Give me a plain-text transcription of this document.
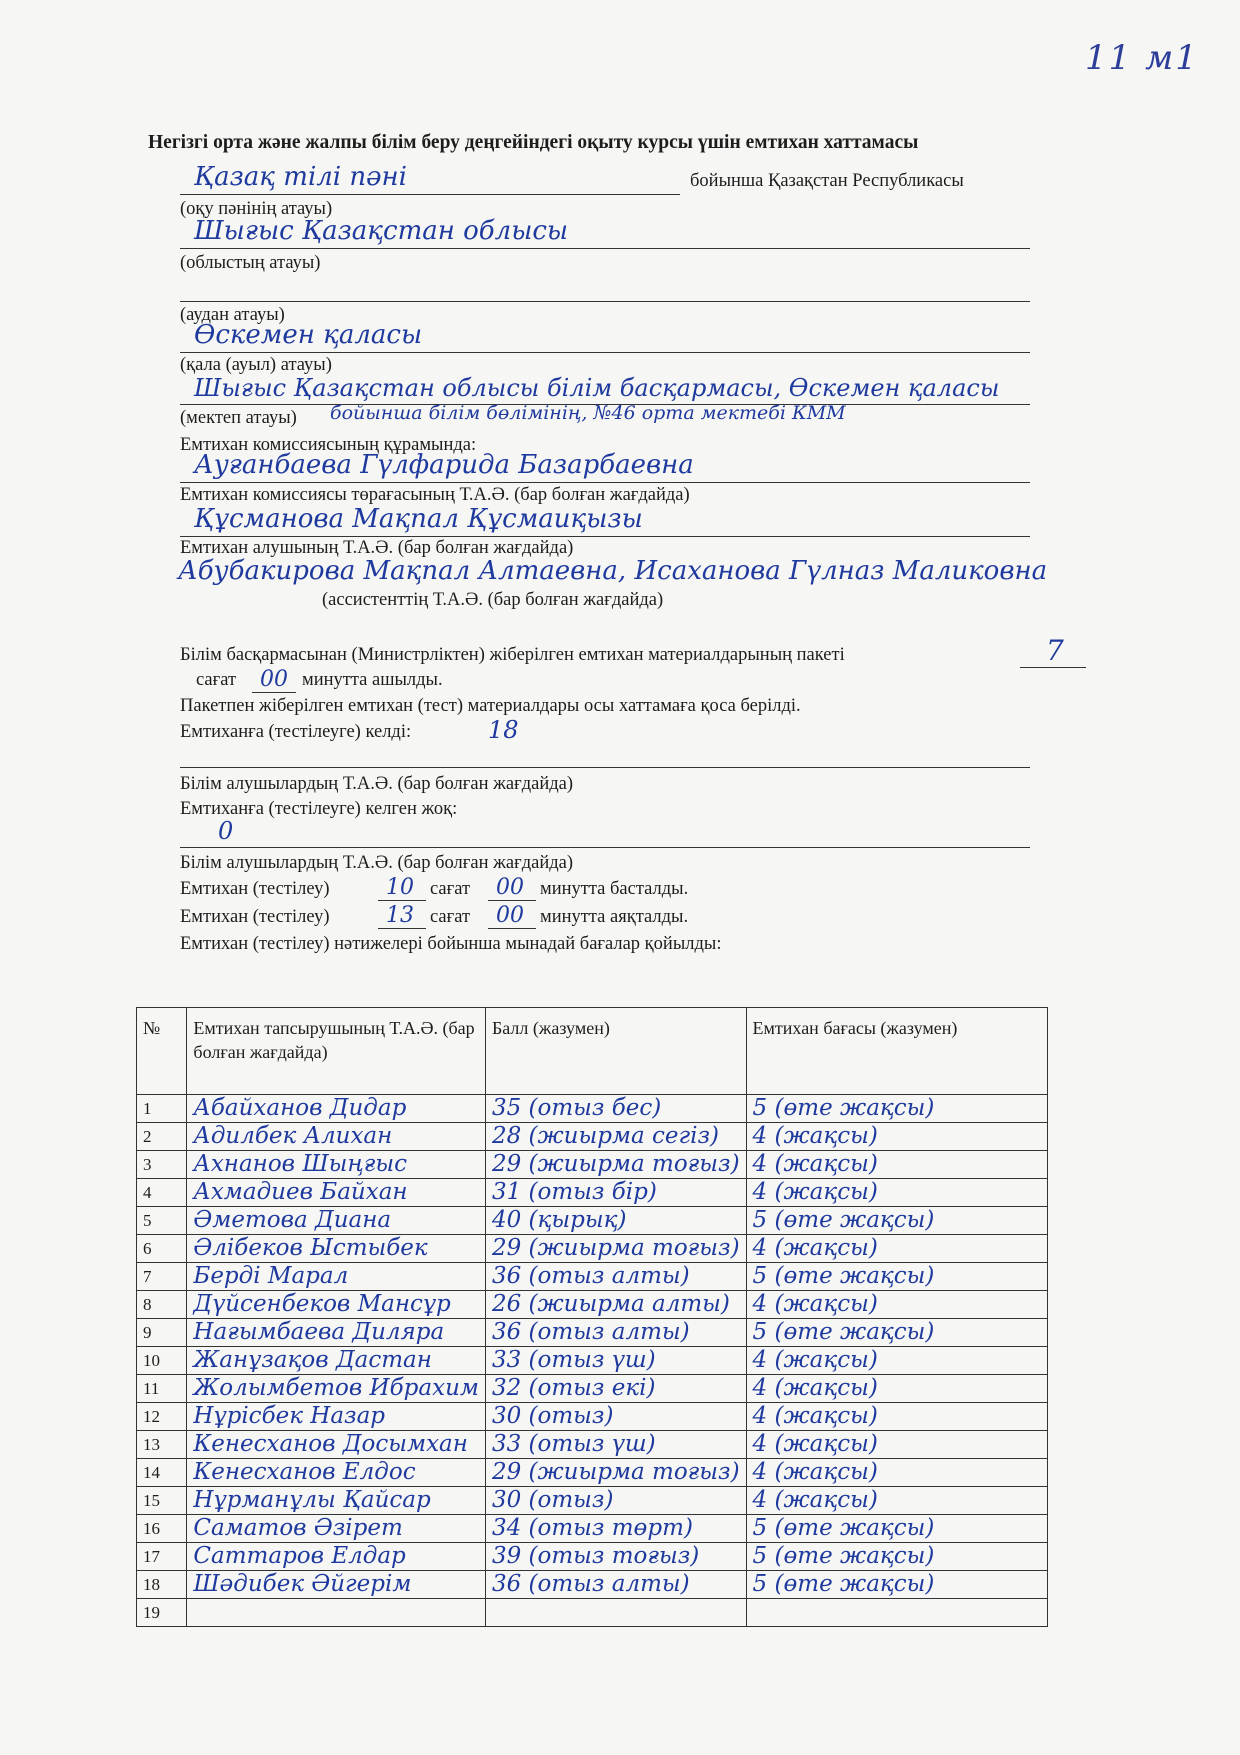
11 м1
Негізгі орта және жалпы білім беру деңгейіндегі оқыту курсы үшін емтихан хаттамасы
Қазақ тілі пәні	бойынша Қазақстан Республикасы
(оқу пәнінің атауы)
Шығыс Қазақстан облысы
(облыстың атауы)
(аудан атауы)
Өскемен қаласы
(қала (ауыл) атауы)
Шығыс Қазақстан облысы білім басқармасы, Өскемен қаласы
(мектеп атауы) бойынша білім бөлімінің, №46 орта мектебі КММ
Емтихан комиссиясының құрамында:
Ауғанбаева Гүлфарида Базарбаевна
Емтихан комиссиясы төрағасының Т.А.Ә. (бар болған жағдайда)
Құсманова Мақпал Құсмаиқызы
Емтихан алушының Т.А.Ә. (бар болған жағдайда)
Абубакирова Мақпал Алтаевна, Исаханова Гүлназ Маликовна
(ассистенттің Т.А.Ә. (бар болған жағдайда)
Білім басқармасынан (Министрліктен) жіберілген емтихан материалдарының пакеті	7
сағат 00 минутта ашылды.
Пакетпен жіберілген емтихан (тест) материалдары осы хаттамаға қоса берілді.
Емтиханға (тестілеуге) келді:	18
Білім алушылардың Т.А.Ә. (бар болған жағдайда)
Емтиханға (тестілеуге) келген жоқ:
0
Білім алушылардың Т.А.Ә. (бар болған жағдайда)
Емтихан (тестілеу)	10 сағат 00 минутта басталды.
Емтихан (тестілеу)	13 сағат 00 минутта аяқталды.
Емтихан (тестілеу) нәтижелері бойынша мынадай бағалар қойылды:
№	Емтихан тапсырушының Т.А.Ә. (бар болған жағдайда)	Балл (жазумен)	Емтихан бағасы (жазумен)
1	Абайханов Дидар	35 (отыз бес)	5 (өте жақсы)
2	Адилбек Алихан	28 (жиырма сегіз)	4 (жақсы)
3	Ахнанов Шыңғыс	29 (жиырма тоғыз)	4 (жақсы)
4	Ахмадиев Байхан	31 (отыз бір)	4 (жақсы)
5	Әметова Диана	40 (қырық)	5 (өте жақсы)
6	Әлібеков Ыстыбек	29 (жиырма тоғыз)	4 (жақсы)
7	Берді Марал	36 (отыз алты)	5 (өте жақсы)
8	Дүйсенбеков Мансұр	26 (жиырма алты)	4 (жақсы)
9	Нағымбаева Диляра	36 (отыз алты)	5 (өте жақсы)
10	Жанұзақов Дастан	33 (отыз үш)	4 (жақсы)
11	Жолымбетов Ибрахим	32 (отыз екі)	4 (жақсы)
12	Нұрісбек Назар	30 (отыз)	4 (жақсы)
13	Кенесханов Досымхан	33 (отыз үш)	4 (жақсы)
14	Кенесханов Елдос	29 (жиырма тоғыз)	4 (жақсы)
15	Нұрманұлы Қайсар	30 (отыз)	4 (жақсы)
16	Саматов Әзірет	34 (отыз төрт)	5 (өте жақсы)
17	Саттаров Елдар	39 (отыз тоғыз)	5 (өте жақсы)
18	Шәдибек Әйгерім	36 (отыз алты)	5 (өте жақсы)
19			
